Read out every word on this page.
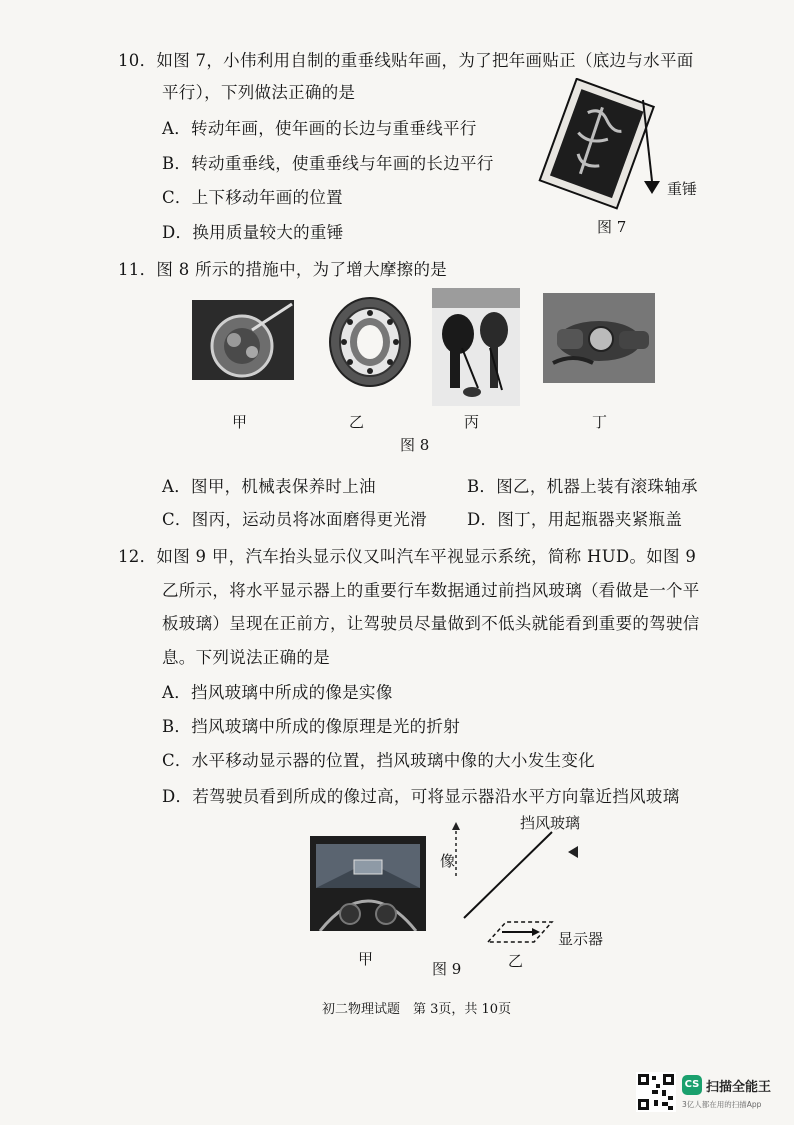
10．如图 7，小伟利用自制的重垂线贴年画，为了把年画贴正（底边与水平面
平行），下列做法正确的是
A．转动年画，使年画的长边与重垂线平行
B．转动重垂线，使重垂线与年画的长边平行
C．上下移动年画的位置
D．换用质量较大的重锤
重锤
图 7
11．图 8 所示的措施中，为了增大摩擦的是
甲	乙	丙	丁
图 8
A．图甲，机械表保养时上油	B．图乙，机器上装有滚珠轴承
C．图丙，运动员将冰面磨得更光滑 D．图丁，用起瓶器夹紧瓶盖
12．如图 9 甲，汽车抬头显示仪又叫汽车平视显示系统，简称 HUD。如图 9
乙所示，将水平显示器上的重要行车数据通过前挡风玻璃（看做是一个平
板玻璃）呈现在正前方，让驾驶员尽量做到不低头就能看到重要的驾驶信
息。下列说法正确的是
A．挡风玻璃中所成的像是实像
B．挡风玻璃中所成的像原理是光的折射
C．水平移动显示器的位置，挡风玻璃中像的大小发生变化
D．若驾驶员看到所成的像过高，可将显示器沿水平方向靠近挡风玻璃
挡风玻璃
像
显示器
甲	乙
图 9
初二物理试题　第 3页，共 10页
CS 扫描全能王
3亿人都在用的扫描App
